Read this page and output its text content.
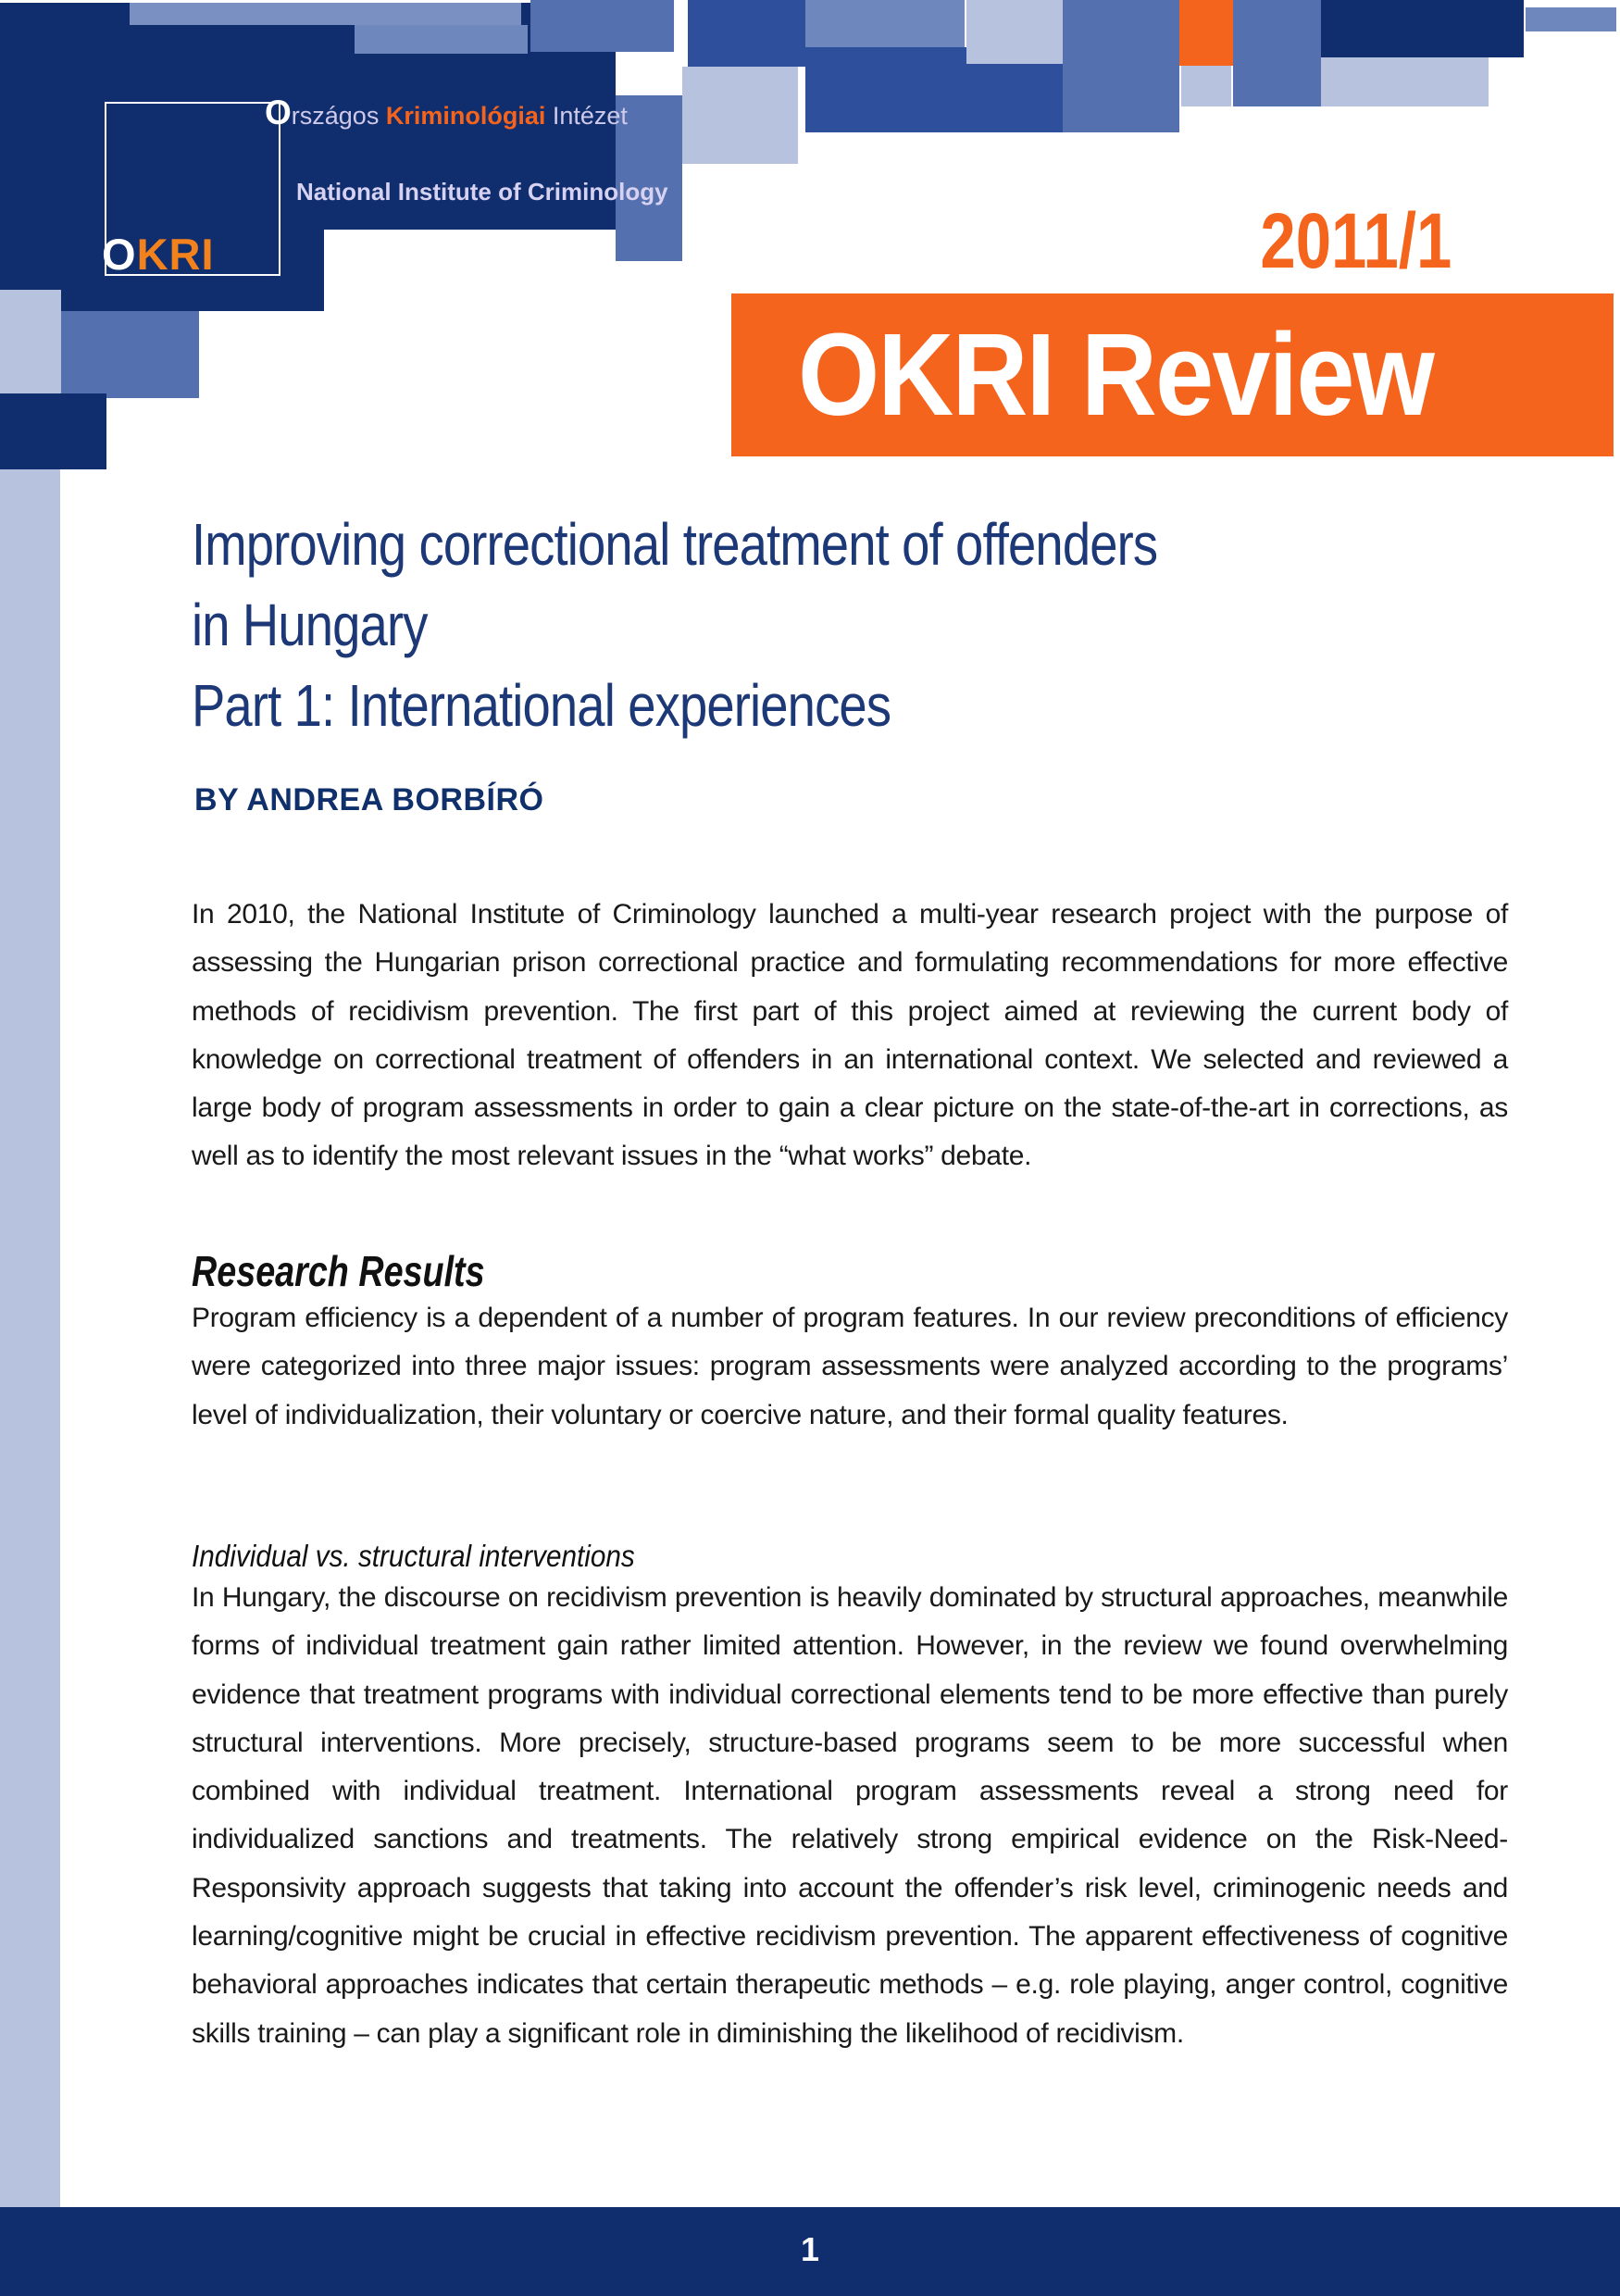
OKRI
Országos Kriminológiai Intézet
National Institute of Criminology
2011/1
OKRI Review
Improving correctional treatment of offenders
in Hungary
Part 1: International experiences
BY ANDREA BORBÍRÓ

In 2010, the National Institute of Criminology launched a multi-year research project with the purpose of assessing the Hungarian prison correctional practice and formulating recommendations for more effective methods of recidivism prevention. The first part of this project aimed at reviewing the current body of knowledge on correctional treatment of offenders in an international context. We selected and reviewed a large body of program assessments in order to gain a clear picture on the state-of-the-art in corrections, as well as to identify the most relevant issues in the “what works” debate.

Research Results

Program efficiency is a dependent of a number of program features. In our review preconditions of efficiency were categorized into three major issues: program assessments were analyzed according to the programs’ level of individualization, their voluntary or coercive nature, and their formal quality features.

Individual vs. structural interventions

In Hungary, the discourse on recidivism prevention is heavily dominated by structural approaches, meanwhile forms of individual treatment gain rather limited attention. However, in the review we found overwhelming evidence that treatment programs with individual correctional elements tend to be more effective than purely structural interventions. More precisely, structure-based programs seem to be more successful when combined with individual treatment. International program assessments reveal a strong need for individualized sanctions and treatments. The relatively strong empirical evidence on the Risk-Need-Responsivity approach suggests that taking into account the offender’s risk level, criminogenic needs and learning/cognitive might be crucial in effective recidivism prevention. The apparent effectiveness of cognitive behavioral approaches indicates that certain therapeutic methods – e.g. role playing, anger control, cognitive skills training – can play a significant role in diminishing the likelihood of recidivism.

1
